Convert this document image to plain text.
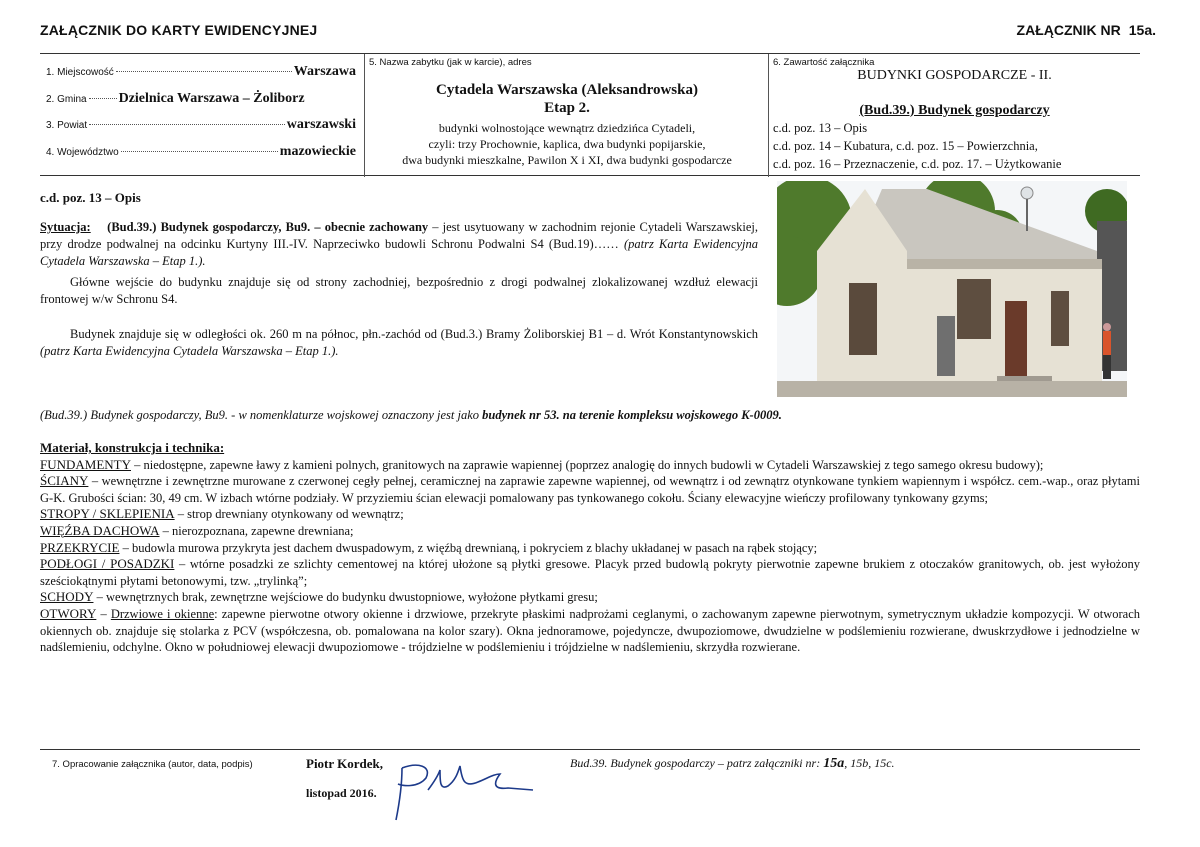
ZAŁĄCZNIK DO KARTY EWIDENCYJNEJ	ZAŁĄCZNIK NR 15a.
1. Miejscowość	Warszawa
2. Gmina Dzielnica Warszawa – Żoliborz
3. Powiat	warszawski
4. Województwo	mazowieckie
5. Nazwa zabytku (jak w karcie), adres
Cytadela Warszawska (Aleksandrowska)
Etap 2.
budynki wolnostojące wewnątrz dziedzińca Cytadeli,
czyli: trzy Prochownie, kaplica, dwa budynki popijarskie,
dwa budynki mieszkalne, Pawilon X i XI, dwa budynki gospodarcze
6. Zawartość załącznika
BUDYNKI GOSPODARCZE - II.
(Bud.39.) Budynek gospodarczy
c.d. poz. 13 – Opis
c.d. poz. 14 – Kubatura, c.d. poz. 15 – Powierzchnia,
c.d. poz. 16 – Przeznaczenie, c.d. poz. 17. – Użytkowanie
c.d. poz. 13 – Opis
Sytuacja: (Bud.39.) Budynek gospodarczy, Bu9. – obecnie zachowany – jest usytuowany w zachodnim rejonie Cytadeli Warszawskiej, przy drodze podwalnej na odcinku Kurtyny III.-IV. Naprzeciwko budowli Schronu Podwalni S4 (Bud.19)…… (patrz Karta Ewidencyjna Cytadela Warszawska – Etap 1.).
Główne wejście do budynku znajduje się od strony zachodniej, bezpośrednio z drogi podwalnej zlokalizowanej wzdłuż elewacji frontowej w/w Schronu S4.
Budynek znajduje się w odległości ok. 260 m na północ, płn.-zachód od (Bud.3.) Bramy Żoliborskiej B1 – d. Wrót Konstantynowskich (patrz Karta Ewidencyjna Cytadela Warszawska – Etap 1.).
(Bud.39.) Budynek gospodarczy, Bu9. - w nomenklaturze wojskowej oznaczony jest jako budynek nr 53. na terenie kompleksu wojskowego K-0009.
Materiał, konstrukcja i technika:
FUNDAMENTY – niedostępne, zapewne ławy z kamieni polnych, granitowych na zaprawie wapiennej (poprzez analogię do innych budowli w Cytadeli Warszawskiej z tego samego okresu budowy);
ŚCIANY – wewnętrzne i zewnętrzne murowane z czerwonej cegły pełnej, ceramicznej na zaprawie zapewne wapiennej, od wewnątrz i od zewnątrz otynkowane tynkiem wapiennym i współcz. cem.-wap., oraz płytami G-K. Grubości ścian: 30, 49 cm. W izbach wtórne podziały. W przyziemiu ścian elewacji pomalowany pas tynkowanego cokołu. Ściany elewacyjne wieńczy profilowany tynkowany gzyms;
STROPY / SKLEPIENIA – strop drewniany otynkowany od wewnątrz;
WIĘŹBA DACHOWA – nierozpoznana, zapewne drewniana;
PRZEKRYCIE – budowla murowa przykryta jest dachem dwuspadowym, z więźbą drewnianą, i pokryciem z blachy układanej w pasach na rąbek stojący;
PODŁOGI / POSADZKI – wtórne posadzki ze szlichty cementowej na której ułożone są płytki gresowe. Placyk przed budowlą pokryty pierwotnie zapewne brukiem z otoczaków granitowych, ob. jest wyłożony sześciokątnymi płytami betonowymi, tzw. „trylinką”;
SCHODY – wewnętrznych brak, zewnętrzne wejściowe do budynku dwustopniowe, wyłożone płytkami gresu;
OTWORY – Drzwiowe i okienne: zapewne pierwotne otwory okienne i drzwiowe, przekryte płaskimi nadprożami ceglanymi, o zachowanym zapewne pierwotnym, symetrycznym układzie kompozycji. W otworach okiennych ob. znajduje się stolarka z PCV (współczesna, ob. pomalowana na kolor szary). Okna jednoramowe, pojedyncze, dwupoziomowe, dwudzielne w podślemieniu rozwierane, dwuskrzydłowe i jednodzielne w nadślemieniu, odchylne. Okno w południowej elewacji dwupoziomowe - trójdzielne w podślemieniu i trójdzielne w nadślemieniu, skrzydła rozwierane.
7. Opracowanie załącznika (autor, data, podpis)	Piotr Kordek,
listopad 2016.
Bud.39. Budynek gospodarczy – patrz załączniki nr: 15a, 15b, 15c.
